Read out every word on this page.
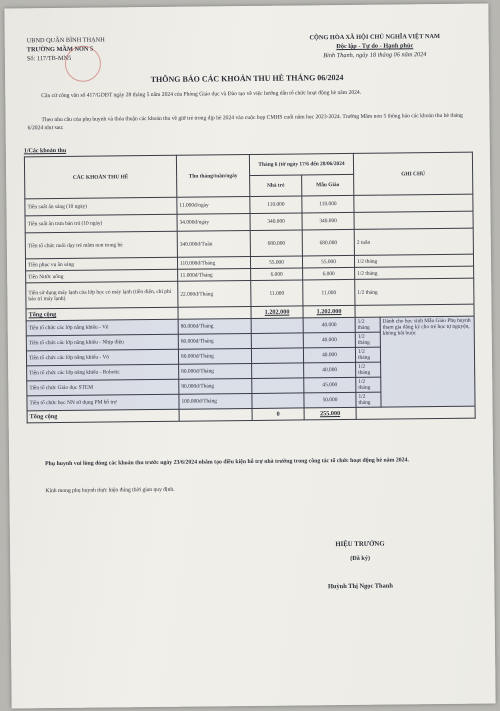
UBND QUẬN BÌNH THẠNH
TRƯỜNG MẦM NON 5
Số: 117/TB-MN5
CỘNG HÒA XÃ HỘI CHỦ NGHĨA VIỆT NAM
Độc lập - Tự do - Hạnh phúc
Bình Thạnh, ngày 18 tháng 06 năm 2024
THÔNG BÁO CÁC KHOẢN THU HÈ THÁNG 06/2024
Căn cứ công văn số 417/GDĐT ngày 28 tháng 5 năm 2024 của Phòng Giáo dục và Đào tạo về việc hướng dẫn tổ chức hoạt động hè năm 2024.
Theo nhu cầu của phụ huynh và thỏa thuận các khoản thu về giữ trẻ trong dịp hè 2024 vào cuộc họp CMHS cuối năm học 2023-2024. Trường Mầm non 5 thông báo các khoản thu hè tháng 6/2024 như sau:
1/Các khoản thu
CÁC KHOẢN THU HÈ	Thu tháng/tuần/ngày	Tháng 6 (từ ngày 17/6 đến 28/06/2024		GHI CHÚ	
		Nhà trẻ	Mẫu Giáo		
Tiền suất ăn sáng (10 ngày)	11.000đ/ngày	110.000	110.000		
Tiền suất ăn trưa bán trú (10 ngày)	34.000đ/ngày	340.000	340.000		
Tiền tổ chức nuôi dạy trẻ mầm non trong hè	340.000đ/Tuần	680.000	680.000	2 tuần	
Tiền phục vụ ăn sáng	110.000đ/Tháng	55.000	55.000	1/2 tháng	
Tiền Nước uống	11.000đ/Tháng	6.000	6.000	1/2 tháng	
Tiền sử dụng máy lạnh của lớp học có máy lạnh (tiền điện, chi phí bảo trì máy lạnh)	22.000đ/Tháng	11.000	11.000	1/2 tháng	
Tổng cộng		1.202.000	1.202.000		
Tiền tổ chức các lớp năng khiếu - Vẽ	80.000đ/Tháng		40.000	1/2 tháng	Dành cho học sinh Mẫu Giáo Phụ huynh tham gia đăng ký cho trẻ học tự nguyện, không bắt buộc
Tiền tổ chức các lớp năng khiếu - Nhịp điệu	80.000đ/Tháng		40.000	1/2 tháng	
Tiền tổ chức các lớp năng khiếu - Võ	80.000đ/Tháng		40.000	1/2 tháng	
Tiền tổ chức các lớp năng khiếu - Robotic	80.000đ/Tháng		40.000	1/2 tháng	
Tiền tổ chức Giáo dục STEM	90.000đ/Tháng		45.000	1/2 tháng	
Tiền tổ chức học NN sử dụng PM hỗ trợ	100.000đ/Tháng		50.000	1/2 tháng	
Tổng cộng		0	255.000		
Phụ huynh vui lòng đóng các khoản thu trước ngày 23/6/2024 nhằm tạo điều kiện hỗ trợ nhà trường trong công tác tổ chức hoạt động hè năm 2024.
Kính mong phụ huynh thực hiện đúng thời gian quy định.
HIỆU TRƯỞNG
(Đã ký)
Huỳnh Thị Ngọc Thanh
